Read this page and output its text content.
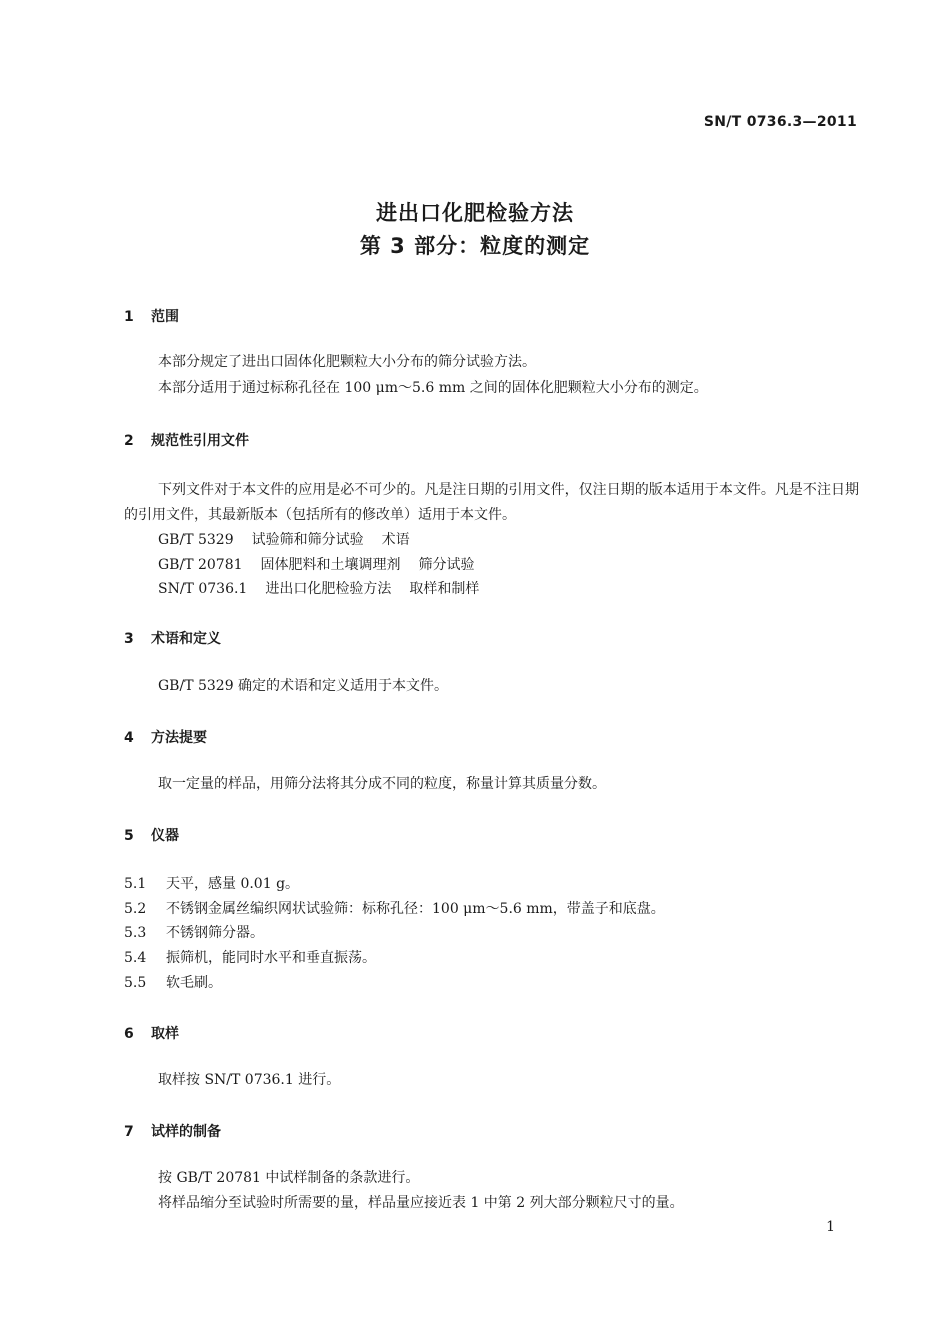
SN/T 0736.3—2011
进出口化肥检验方法
第 3 部分：粒度的测定
1 范围
本部分规定了进出口固体化肥颗粒大小分布的筛分试验方法。
本部分适用于通过标称孔径在 100 μm～5.6 mm 之间的固体化肥颗粒大小分布的测定。
2 规范性引用文件
下列文件对于本文件的应用是必不可少的。凡是注日期的引用文件，仅注日期的版本适用于本文件。凡是不注日期的引用文件，其最新版本（包括所有的修改单）适用于本文件。
GB/T 5329 试验筛和筛分试验 术语
GB/T 20781 固体肥料和土壤调理剂 筛分试验
SN/T 0736.1 进出口化肥检验方法 取样和制样
3 术语和定义
GB/T 5329 确定的术语和定义适用于本文件。
4 方法提要
取一定量的样品，用筛分法将其分成不同的粒度，称量计算其质量分数。
5 仪器
5.1 天平，感量 0.01 g。
5.2 不锈钢金属丝编织网状试验筛：标称孔径：100 μm～5.6 mm，带盖子和底盘。
5.3 不锈钢筛分器。
5.4 振筛机，能同时水平和垂直振荡。
5.5 软毛刷。
6 取样
取样按 SN/T 0736.1 进行。
7 试样的制备
按 GB/T 20781 中试样制备的条款进行。
将样品缩分至试验时所需要的量，样品量应接近表 1 中第 2 列大部分颗粒尺寸的量。
1
